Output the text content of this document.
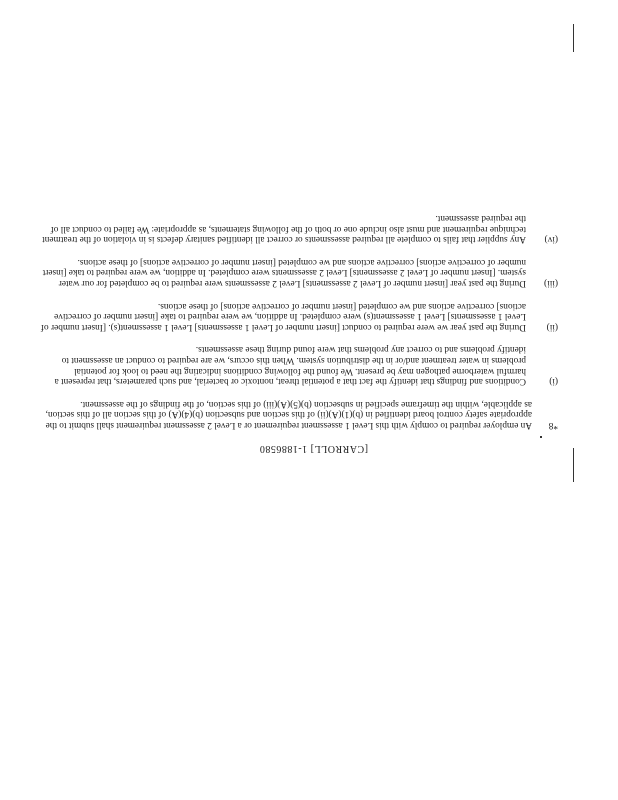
[CARROLL] 1-1886580
*8
An employer required to comply with this Level 1 assessment requirement or a Level 2 assessment requirement shall submit to the appropriate safety control board identified in (b)(1)(A)(ii) of this section and subsection (b)(4)(A) of this section all of this section, as applicable, within the timeframe specified in subsection (b)(5)(A)(iii) of this section, of the findings of the assessment.
(i)
Conditions and findings that identify the fact that a potential threat, nontoxic or bacterial, and such parameters, that represent a harmful waterborne pathogen may be present. We found the following conditions indicating the need to look for potential problems in water treatment and/or in the distribution system. When this occurs, we are required to conduct an assessment to identify problems and to correct any problems that were found during these assessments.
(ii)
During the past year we were required to conduct [insert number of Level 1 assessments] Level 1 assessment(s). [Insert number of Level 1 assessments] Level 1 assessment(s) were completed. In addition, we were required to take [insert number of corrective actions] corrective actions and we completed [insert number of corrective actions] of these actions.
(iii)
During the past year [insert number of Level 2 assessments] Level 2 assessments were required to be completed for our water system. [Insert number of Level 2 assessments] Level 2 assessments were completed. In addition, we were required to take [insert number of corrective actions] corrective actions and we completed [insert number of corrective actions] of these actions.
(iv)
Any supplier that fails to complete all required assessments or correct all identified sanitary defects is in violation of the treatment technique requirement and must also include one or both of the following statements, as appropriate: We failed to conduct all of the required assessment.
